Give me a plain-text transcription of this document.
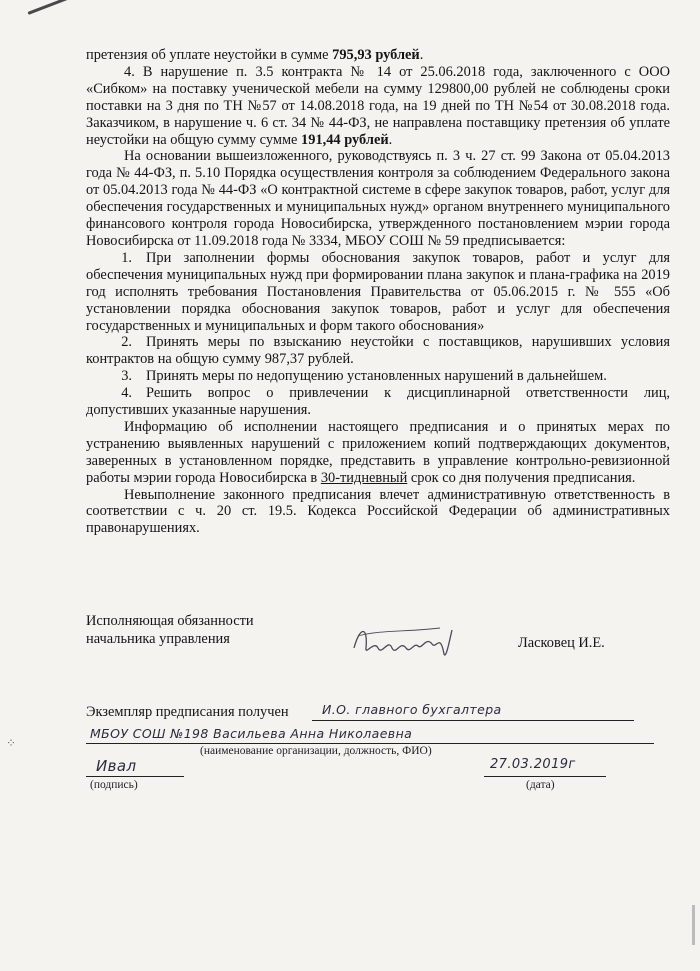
претензия об уплате неустойки в сумме 795,93 рублей.

4. В нарушение п. 3.5 контракта № 14 от 25.06.2018 года, заключенного с ООО «Сибком» на поставку ученической мебели на сумму 129800,00 рублей не соблюдены сроки поставки на 3 дня по ТН №57 от 14.08.2018 года, на 19 дней по ТН №54 от 30.08.2018 года. Заказчиком, в нарушение ч. 6 ст. 34 № 44-ФЗ, не направлена поставщику претензия об уплате неустойки на общую сумму сумме 191,44 рублей.

На основании вышеизложенного, руководствуясь п. 3 ч. 27 ст. 99 Закона от 05.04.2013 года № 44-ФЗ, п. 5.10 Порядка осуществления контроля за соблюдением Федерального закона от 05.04.2013 года № 44-ФЗ «О контрактной системе в сфере закупок товаров, работ, услуг для обеспечения государственных и муниципальных нужд» органом внутреннего муниципального финансового контроля города Новосибирска, утвержденного постановлением мэрии города Новосибирска от 11.09.2018 года № 3334, МБОУ СОШ № 59 предписывается:

1. При заполнении формы обоснования закупок товаров, работ и услуг для обеспечения муниципальных нужд при формировании плана закупок и плана-графика на 2019 год исполнять требования Постановления Правительства от 05.06.2015 г. № 555 «Об установлении порядка обоснования закупок товаров, работ и услуг для обеспечения государственных и муниципальных и форм такого обоснования»
2. Принять меры по взысканию неустойки с поставщиков, нарушивших условия контрактов на общую сумму 987,37 рублей.
3. Принять меры по недопущению установленных нарушений в дальнейшем.
4. Решить вопрос о привлечении к дисциплинарной ответственности лиц, допустивших указанные нарушения.

Информацию об исполнении настоящего предписания и о принятых мерах по устранению выявленных нарушений с приложением копий подтверждающих документов, заверенных в установленном порядке, представить в управление контрольно-ревизионной работы мэрии города Новосибирска в 30-тидневный срок со дня получения предписания.

Невыполнение законного предписания влечет административную ответственность в соответствии с ч. 20 ст. 19.5. Кодекса Российской Федерации об административных правонарушениях.

Исполняющая обязанности
начальника управления	Ласковец И.Е.
Экземпляр предписания получен	И.О. главного бухгалтера
МБОУ СОШ №198 Васильева Анна Николаевна
(наименование организации, должность, ФИО)
Ивал
(подпись)
27.03.2019г
(дата)
⁘
